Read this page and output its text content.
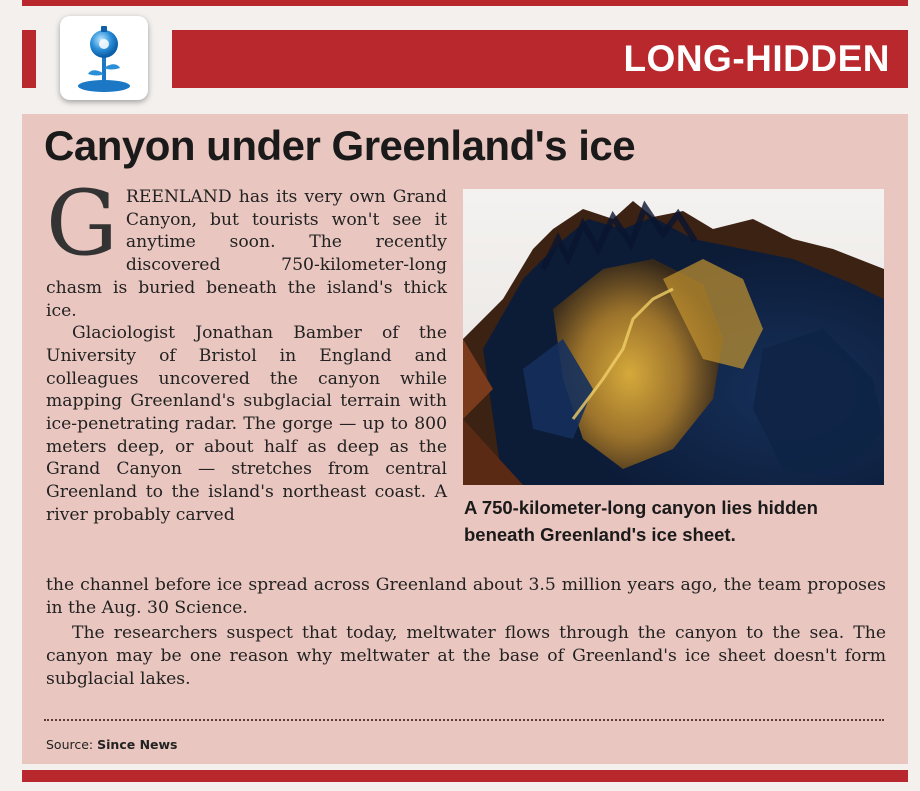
LONG-HIDDEN
Canyon under Greenland's ice

GREENLAND has its very own Grand Canyon, but tourists won't see it anytime soon. The recently discovered 750-kilometer-long chasm is buried beneath the island's thick ice.

Glaciologist Jonathan Bamber of the University of Bristol in England and colleagues uncovered the canyon while mapping Greenland's subglacial terrain with ice-penetrating radar. The gorge — up to 800 meters deep, or about half as deep as the Grand Canyon — stretches from central Greenland to the island's northeast coast. A river probably carved	A 750-kilometer-long canyon lies hidden beneath Greenland's ice sheet.

the channel before ice spread across Greenland about 3.5 million years ago, the team proposes in the Aug. 30 Science.

The researchers suspect that today, meltwater flows through the canyon to the sea. The canyon may be one reason why meltwater at the base of Greenland's ice sheet doesn't form subglacial lakes.

Source: Since News
